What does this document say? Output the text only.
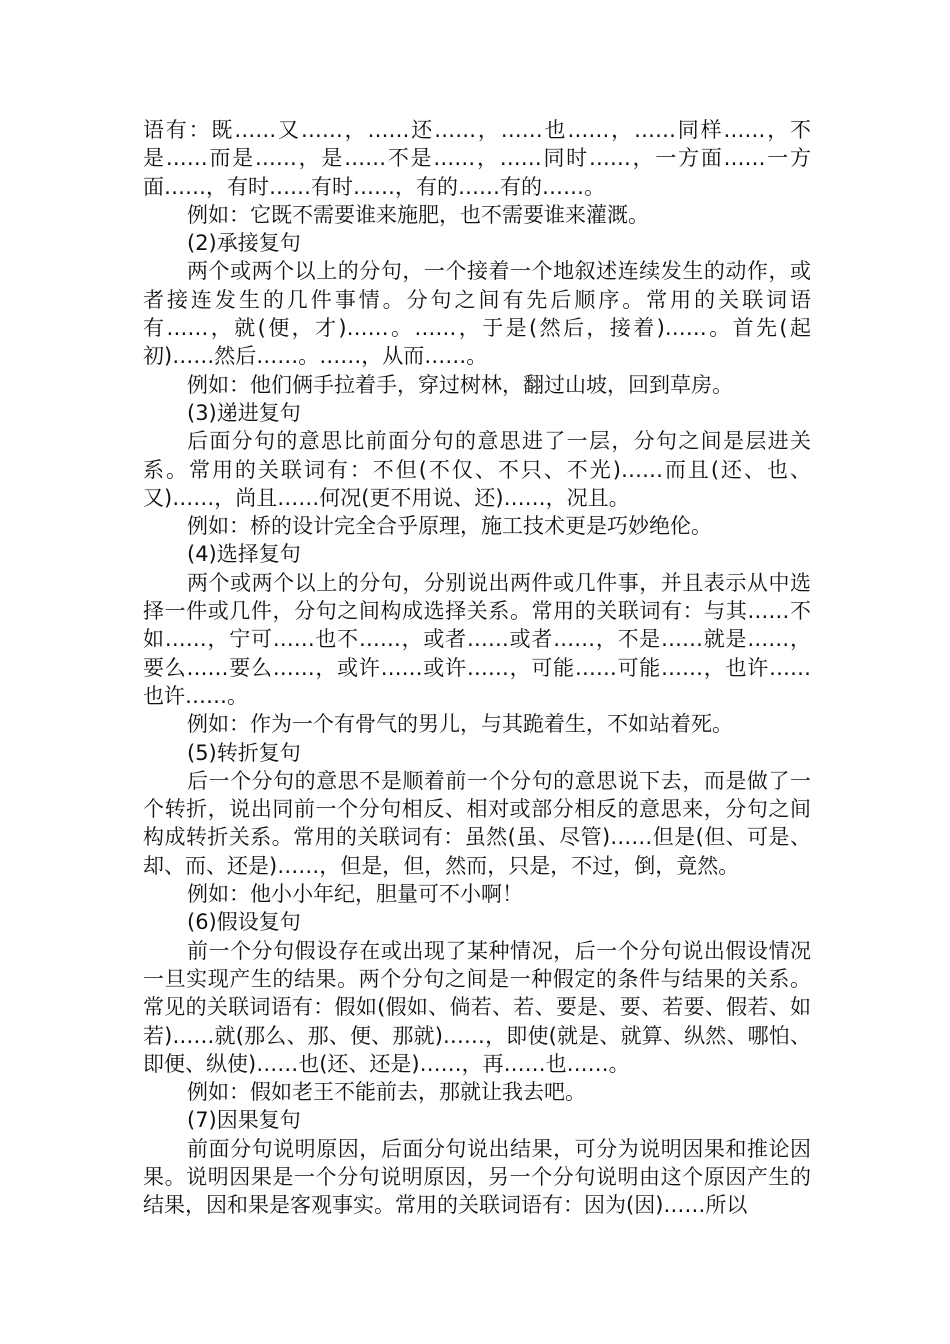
语有：既……又……，……还……，……也……，……同样……，不是……而是……，是……不是……，……同时……，一方面……一方面……，有时……有时……，有的……有的……。

例如：它既不需要谁来施肥，也不需要谁来灌溉。

(2)承接复句

两个或两个以上的分句，一个接着一个地叙述连续发生的动作，或者接连发生的几件事情。分句之间有先后顺序。常用的关联词语有……，就(便，才)……。……，于是(然后，接着)……。首先(起初)……然后……。……，从而……。

例如：他们俩手拉着手，穿过树林，翻过山坡，回到草房。

(3)递进复句

后面分句的意思比前面分句的意思进了一层，分句之间是层进关系。常用的关联词有：不但(不仅、不只、不光)……而且(还、也、又)……，尚且……何况(更不用说、还)……，况且。

例如：桥的设计完全合乎原理，施工技术更是巧妙绝伦。

(4)选择复句

两个或两个以上的分句，分别说出两件或几件事，并且表示从中选择一件或几件，分句之间构成选择关系。常用的关联词有：与其……不如……，宁可……也不……，或者……或者……，不是……就是……，要么……要么……，或许……或许……，可能……可能……，也许……也许……。

例如：作为一个有骨气的男儿，与其跪着生，不如站着死。

(5)转折复句

后一个分句的意思不是顺着前一个分句的意思说下去，而是做了一个转折，说出同前一个分句相反、相对或部分相反的意思来，分句之间构成转折关系。常用的关联词有：虽然(虽、尽管)……但是(但、可是、却、而、还是)……，但是，但，然而，只是，不过，倒，竟然。

例如：他小小年纪，胆量可不小啊！

(6)假设复句

前一个分句假设存在或出现了某种情况，后一个分句说出假设情况一旦实现产生的结果。两个分句之间是一种假定的条件与结果的关系。常见的关联词语有：假如(假如、倘若、若、要是、要、若要、假若、如若)……就(那么、那、便、那就)……，即使(就是、就算、纵然、哪怕、即便、纵使)……也(还、还是)……，再……也……。

例如：假如老王不能前去，那就让我去吧。

(7)因果复句

前面分句说明原因，后面分句说出结果，可分为说明因果和推论因果。说明因果是一个分句说明原因，另一个分句说明由这个原因产生的结果，因和果是客观事实。常用的关联词语有：因为(因)……所以
